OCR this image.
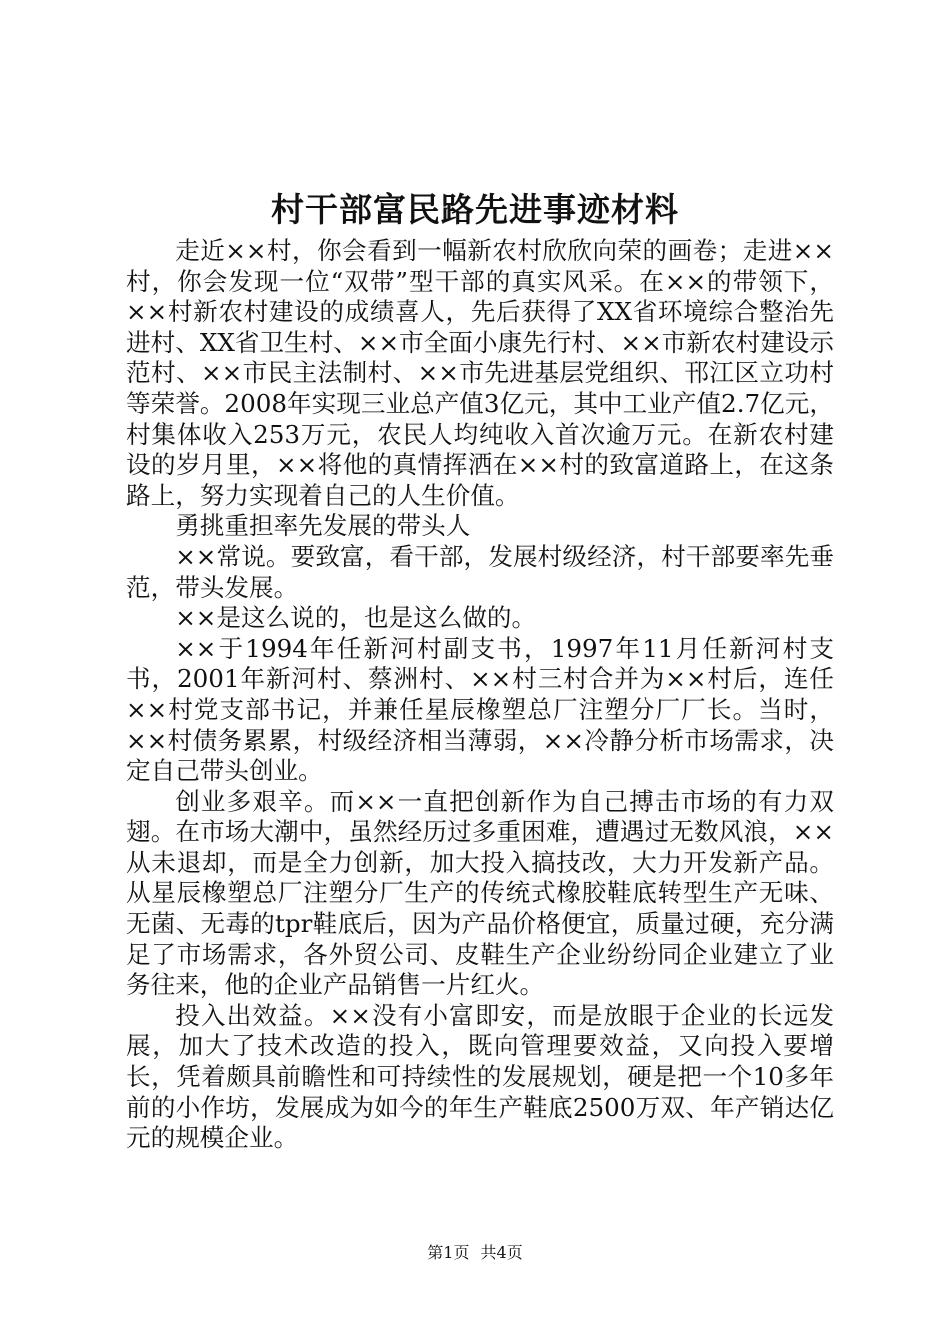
村干部富民路先进事迹材料

走近××村，你会看到一幅新农村欣欣向荣的画卷；走进××村，你会发现一位“双带”型干部的真实风采。在××的带领下，××村新农村建设的成绩喜人，先后获得了XX省环境综合整治先进村、XX省卫生村、××市全面小康先行村、××市新农村建设示范村、××市民主法制村、××市先进基层党组织、邗江区立功村等荣誉。2008年实现三业总产值3亿元，其中工业产值2.7亿元，村集体收入253万元，农民人均纯收入首次逾万元。在新农村建设的岁月里，××将他的真情挥洒在××村的致富道路上，在这条路上，努力实现着自己的人生价值。

勇挑重担率先发展的带头人

××常说。要致富，看干部，发展村级经济，村干部要率先垂范，带头发展。

××是这么说的，也是这么做的。

××于1994年任新河村副支书，1997年11月任新河村支书，2001年新河村、蔡洲村、××村三村合并为××村后，连任××村党支部书记，并兼任星辰橡塑总厂注塑分厂厂长。当时，××村债务累累，村级经济相当薄弱，××冷静分析市场需求，决定自己带头创业。

创业多艰辛。而××一直把创新作为自己搏击市场的有力双翅。在市场大潮中，虽然经历过多重困难，遭遇过无数风浪，××从未退却，而是全力创新，加大投入搞技改，大力开发新产品。从星辰橡塑总厂注塑分厂生产的传统式橡胶鞋底转型生产无味、无菌、无毒的tpr鞋底后，因为产品价格便宜，质量过硬，充分满足了市场需求，各外贸公司、皮鞋生产企业纷纷同企业建立了业务往来，他的企业产品销售一片红火。

投入出效益。××没有小富即安，而是放眼于企业的长远发展，加大了技术改造的投入，既向管理要效益，又向投入要增长，凭着颇具前瞻性和可持续性的发展规划，硬是把一个10多年前的小作坊，发展成为如今的年生产鞋底2500万双、年产销达亿元的规模企业。

第1页 共4页
